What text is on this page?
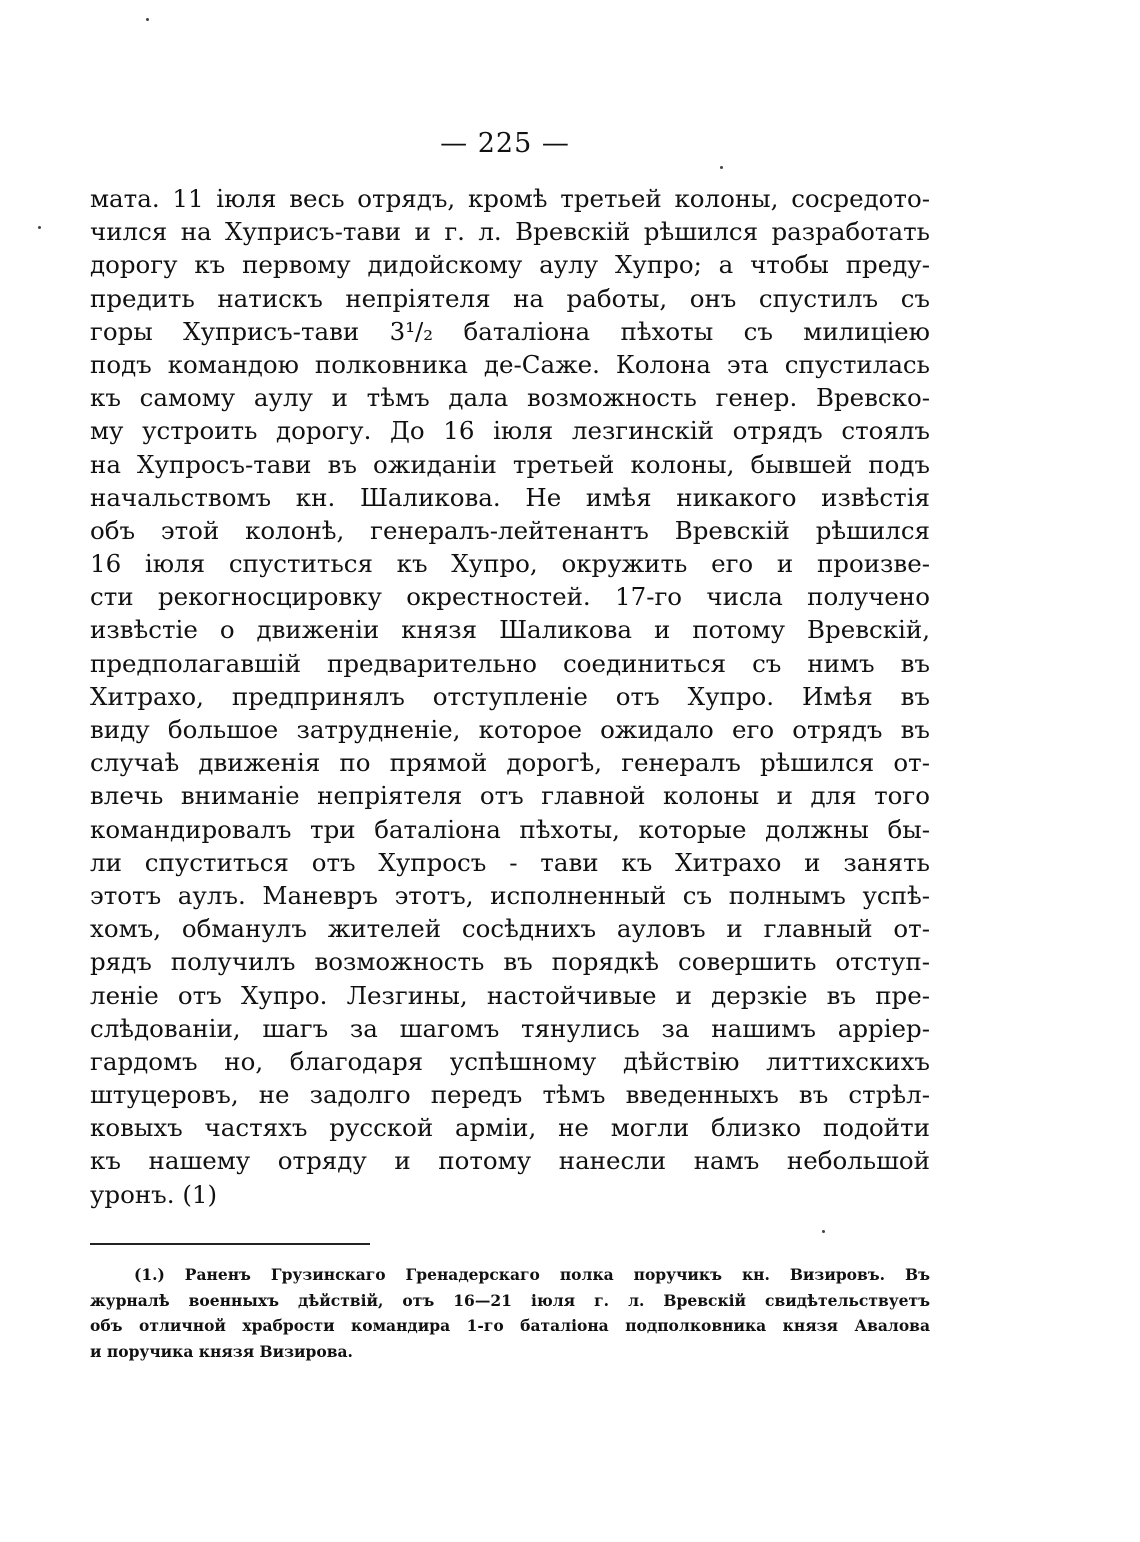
— 225 —
мата. 11 іюля весь отрядъ, кромѣ третьей колоны, сосредото-
чился на Хуприсъ-тави и г. л. Вревскій рѣшился разработать
дорогу къ первому дидойскому аулу Хупро; а чтобы преду-
предить натискъ непріятеля на работы, онъ спустилъ съ
горы Хуприсъ-тави 3¹/₂ баталіона пѣхоты съ милиціею
подъ командою полковника де-Саже. Колона эта спустилась
къ самому аулу и тѣмъ дала возможность генер. Вревско-
му устроить дорогу. До 16 іюля лезгинскій отрядъ стоялъ
на Хупросъ-тави въ ожиданіи третьей колоны, бывшей подъ
начальствомъ кн. Шаликова. Не имѣя никакого извѣстія
объ этой колонѣ, генералъ-лейтенантъ Вревскій рѣшился
16 іюля спуститься къ Хупро, окружить его и произве-
сти рекогносцировку окрестностей. 17-го числа получено
извѣстіе о движеніи князя Шаликова и потому Вревскій,
предполагавшій предварительно соединиться съ нимъ въ
Хитрахо, предпринялъ отступленіе отъ Хупро. Имѣя въ
виду большое затрудненіе, которое ожидало его отрядъ въ
случаѣ движенія по прямой дорогѣ, генералъ рѣшился от-
влечь вниманіе непріятеля отъ главной колоны и для того
командировалъ три баталіона пѣхоты, которые должны бы-
ли спуститься отъ Хупросъ - тави къ Хитрахо и занять
этотъ аулъ. Маневръ этотъ, исполненный съ полнымъ успѣ-
хомъ, обманулъ жителей сосѣднихъ ауловъ и главный от-
рядъ получилъ возможность въ порядкѣ совершить отступ-
леніе отъ Хупро. Лезгины, настойчивые и дерзкіе въ пре-
слѣдованіи, шагъ за шагомъ тянулись за нашимъ арріер-
гардомъ но, благодаря успѣшному дѣйствію литтихскихъ
штуцеровъ, не задолго передъ тѣмъ введенныхъ въ стрѣл-
ковыхъ частяхъ русской арміи, не могли близко подойти
къ нашему отряду и потому нанесли намъ небольшой
уронъ. (1)
(1.) Раненъ Грузинскаго Гренадерскаго полка поручикъ кн. Визировъ. Въ
журналѣ военныхъ дѣйствій, отъ 16—21 іюля г. л. Вревскій свидѣтельствуетъ
объ отличной храбрости командира 1-го баталіона подполковника князя Авалова
и поручика князя Визирова.
